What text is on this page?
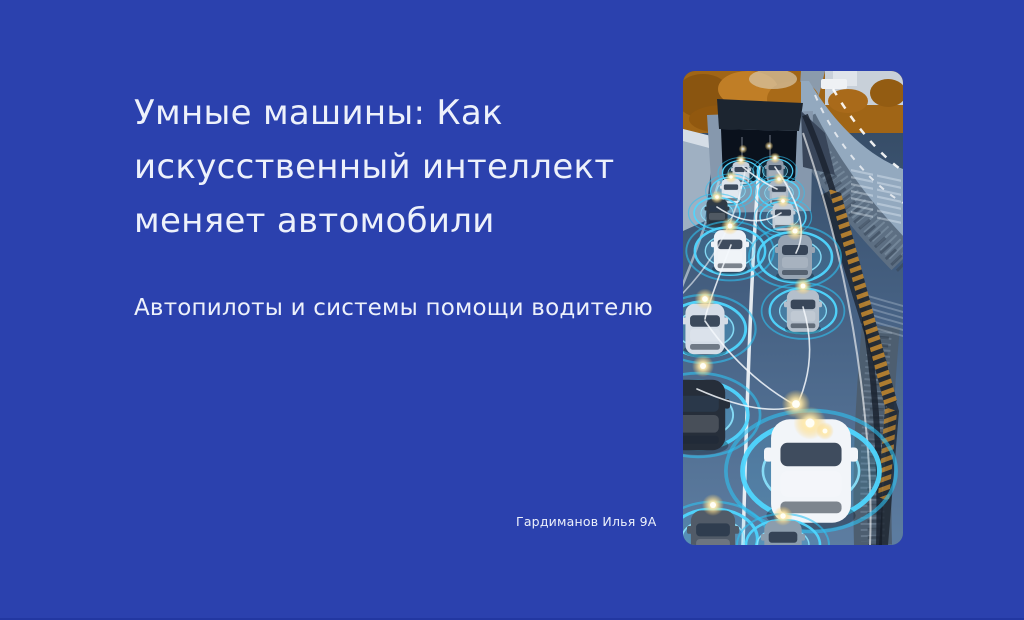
Умные машины: Как
искусственный интеллект
меняет автомобили
Автопилоты и системы помощи водителю
Гардиманов Илья 9А
